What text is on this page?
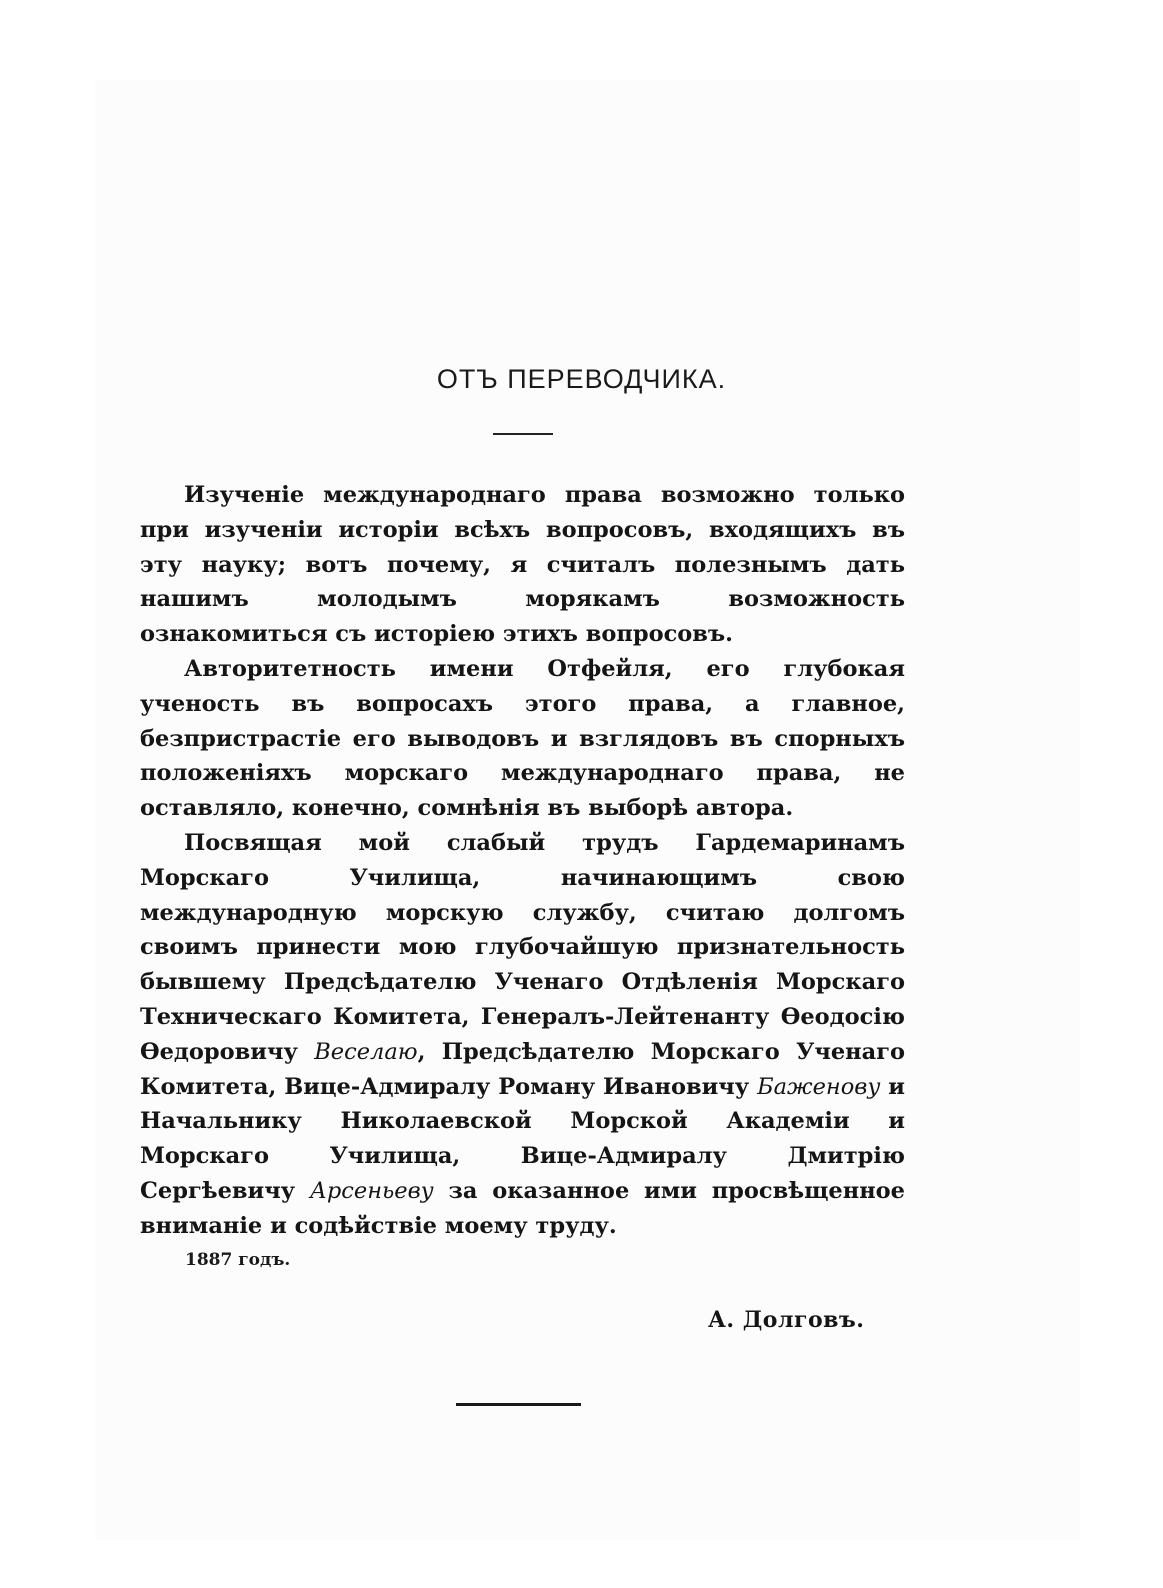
ОТЪ ПЕРЕВОДЧИКА.

Изученіе международнаго права возможно только при изученіи исторіи всѣхъ вопросовъ, входящихъ въ эту науку; вотъ почему, я считалъ полезнымъ дать нашимъ молодымъ морякамъ возможность ознакомиться съ исторіею этихъ вопросовъ.

Авторитетность имени Отфейля, его глубокая ученость въ вопросахъ этого права, а главное, безпристрастіе его выводовъ и взглядовъ въ спорныхъ положеніяхъ морскаго международнаго права, не оставляло, конечно, сомнѣнія въ выборѣ автора.

Посвящая мой слабый трудъ Гардемаринамъ Морскаго Училища, начинающимъ свою международную морскую службу, считаю долгомъ своимъ принести мою глубочайшую признательность бывшему Предсѣдателю Ученаго Отдѣленія Морскаго Техническаго Комитета, Генералъ-Лейтенанту Ѳеодосію Ѳедоровичу Веселаю, Предсѣдателю Морскаго Ученаго Комитета, Вице-Адмиралу Роману Ивановичу Баженову и Начальнику Николаевской Морской Академіи и Морскаго Училища, Вице-Адмиралу Дмитрію Сергѣевичу Арсеньеву за оказанное ими просвѣщенное вниманіе и содѣйствіе моему труду.

1887 годъ.
А. Долговъ.
